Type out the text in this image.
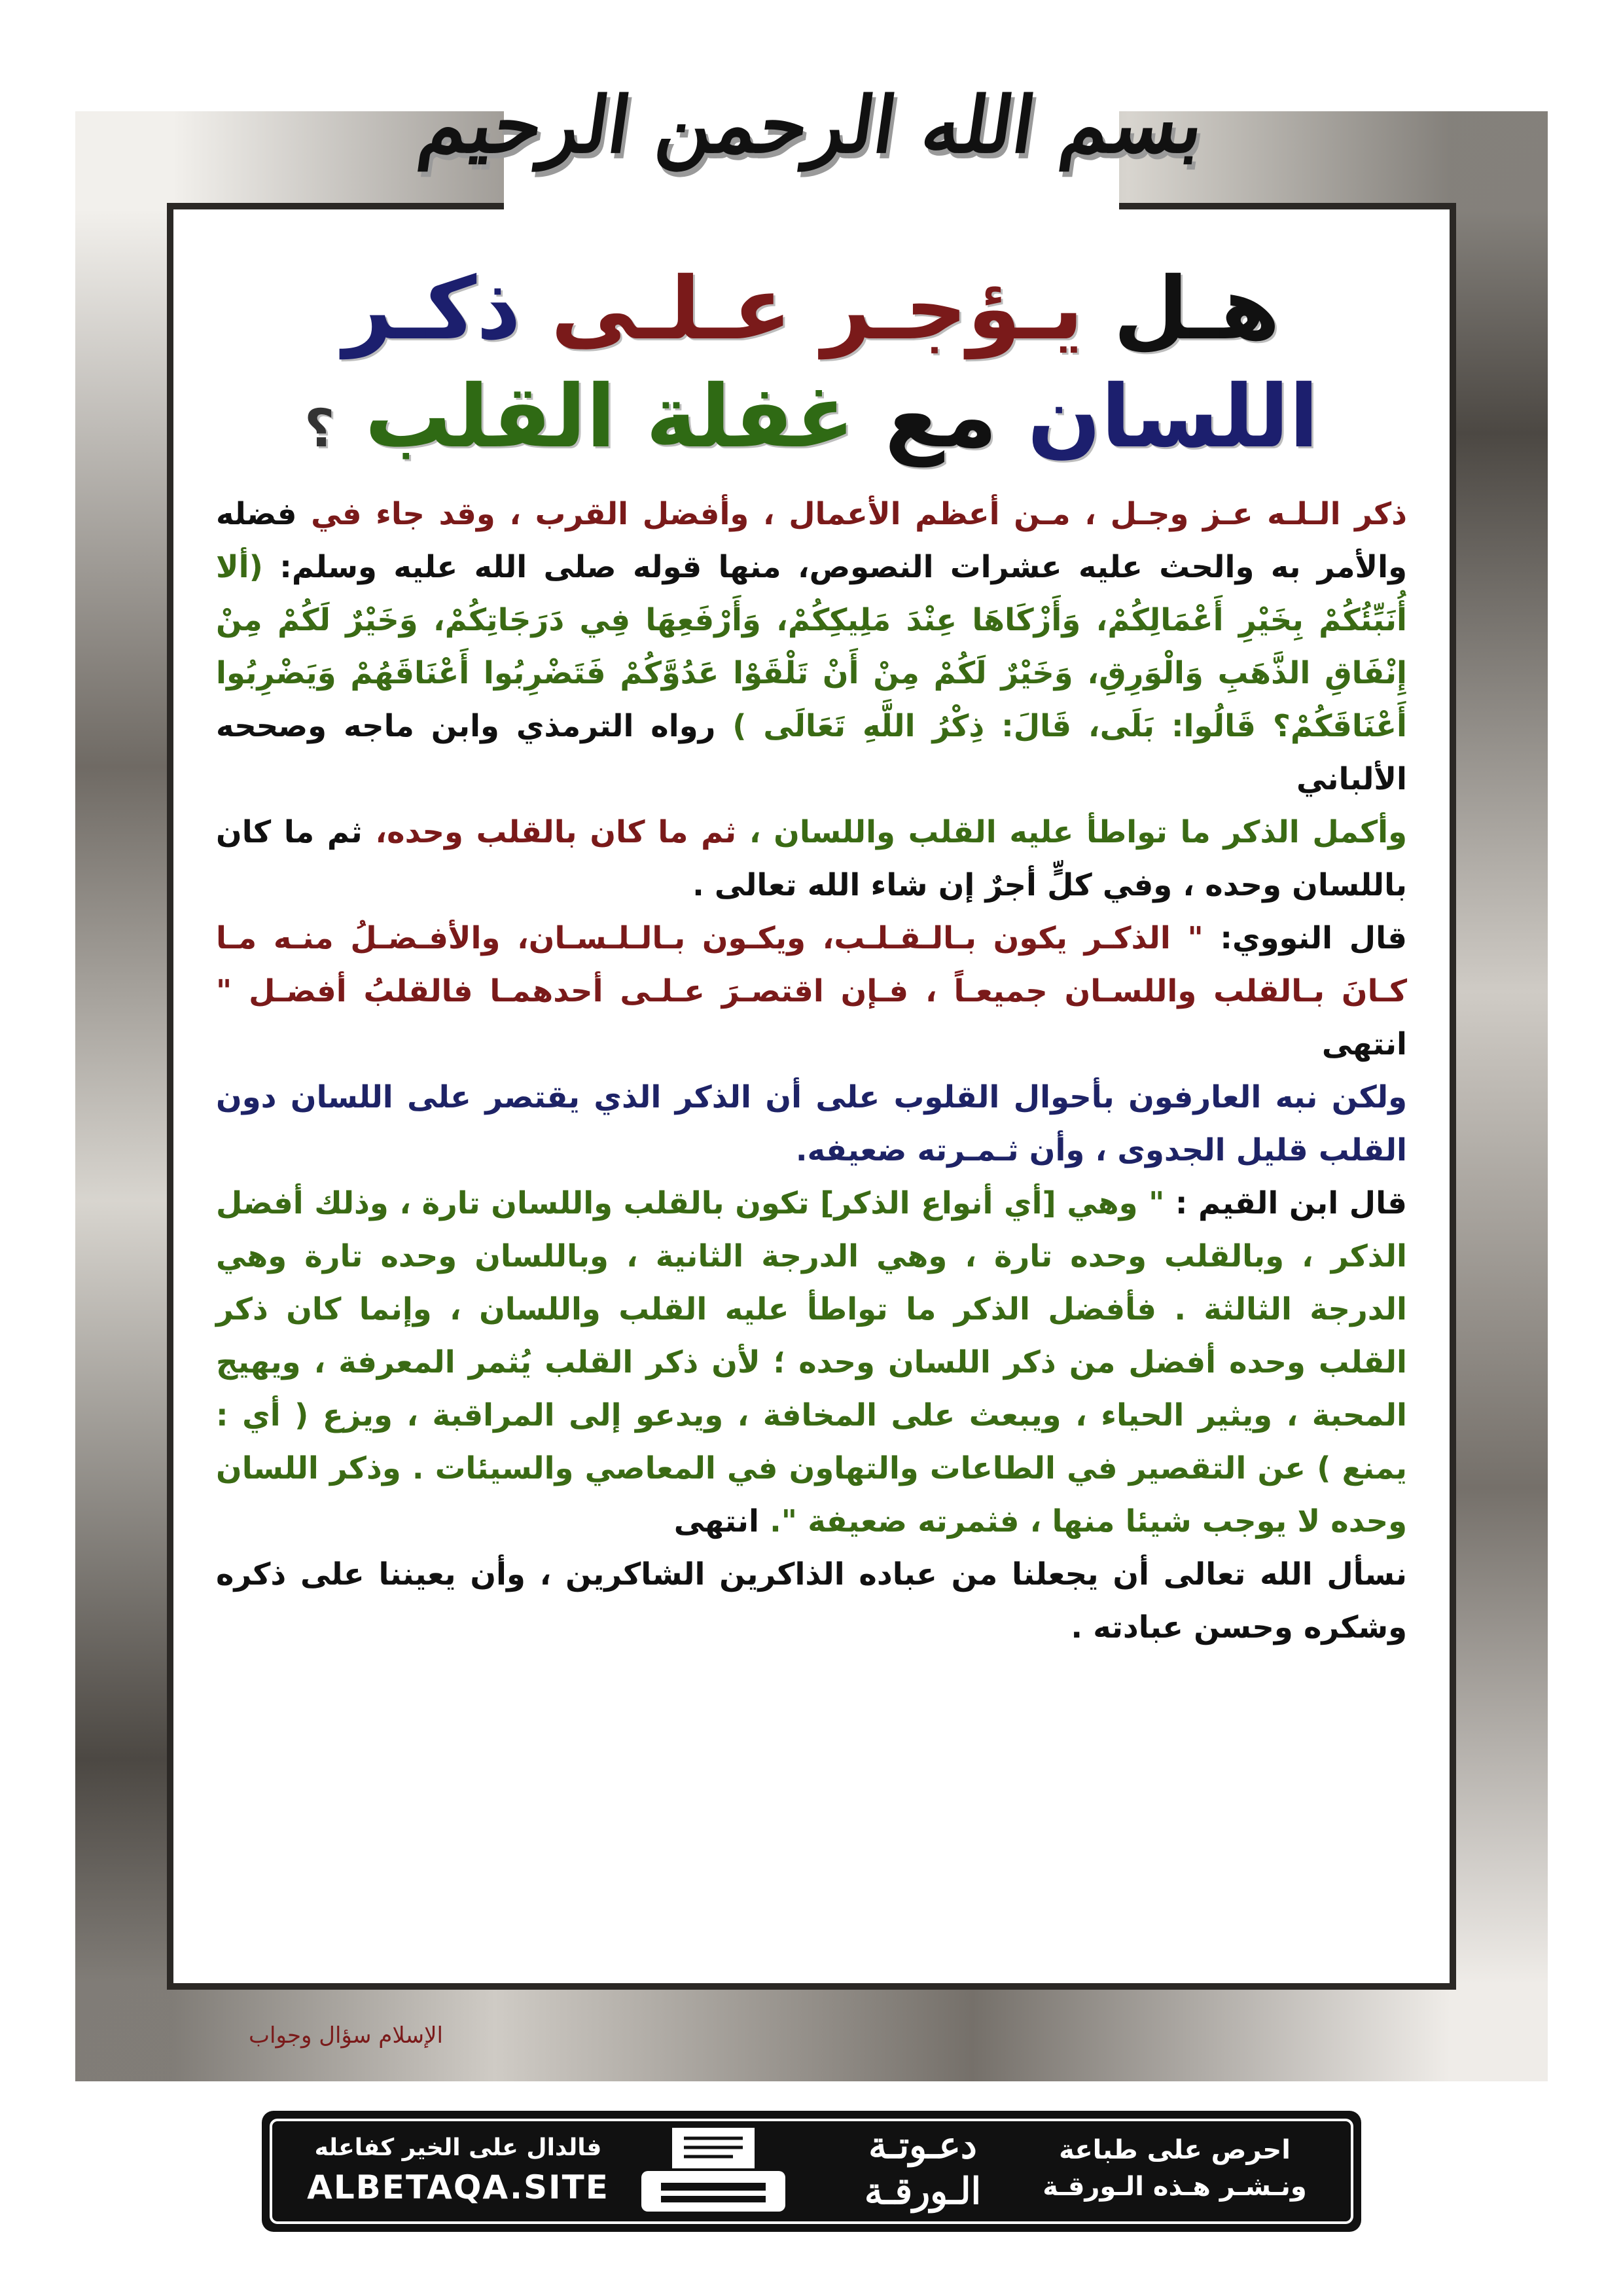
بسم الله الرحمن الرحيم
هـل يـؤجـر عـلـى ذكـر
اللسان مع غفلة القلب ؟

ذكر الـلـه عـز وجـل ، مـن أعظم الأعمال ، وأفضل القرب ، وقد جاء في فضله والأمر به والحث عليه عشرات النصوص، منها قوله صلى الله عليه وسلم: (ألا أُنَبِّئُكُمْ بِخَيْرِ أَعْمَالِكُمْ، وَأَزْكَاهَا عِنْدَ مَلِيكِكُمْ، وَأَرْفَعِهَا فِي دَرَجَاتِكُمْ، وَخَيْرٌ لَكُمْ مِنْ إِنْفَاقِ الذَّهَبِ وَالْوَرِقِ، وَخَيْرٌ لَكُمْ مِنْ أَنْ تَلْقَوْا عَدُوَّكُمْ فَتَضْرِبُوا أَعْنَاقَهُمْ وَيَضْرِبُوا أَعْنَاقَكُمْ؟ قَالُوا: بَلَى، قَالَ: ذِكْرُ اللَّهِ تَعَالَى ) رواه الترمذي وابن ماجه وصححه الألباني

وأكمل الذكر ما تواطأ عليه القلب واللسان ، ثم ما كان بالقلب وحده، ثم ما كان باللسان وحده ، وفي كلٍّ أجرٌ إن شاء الله تعالى .

قال النووي: " الذكـر يكون بـالـقـلـب، ويكـون بـالـلـسـان، والأفـضـلُ منـه مـا كـانَ بـالقلب واللسـان جميعـاً ، فـإن اقتصـرَ عـلـى أحدهمـا فالقلبُ أفضـل " انتهى

ولكن نبه العارفون بأحوال القلوب على أن الذكر الذي يقتصر على اللسان دون القلب قليل الجدوى ، وأن ثـمـرته ضعيفه.

قال ابن القيم : " وهي [أي أنواع الذكر] تكون بالقلب واللسان تارة ، وذلك أفضل الذكر ، وبالقلب وحده تارة ، وهي الدرجة الثانية ، وباللسان وحده تارة وهي الدرجة الثالثة . فأفضل الذكر ما تواطأ عليه القلب واللسان ، وإنما كان ذكر القلب وحده أفضل من ذكر اللسان وحده ؛ لأن ذكر القلب يُثمر المعرفة ، ويهيج المحبة ، ويثير الحياء ، ويبعث على المخافة ، ويدعو إلى المراقبة ، ويزع ( أي : يمنع ) عن التقصير في الطاعات والتهاون في المعاصي والسيئات . وذكر اللسان وحده لا يوجب شيئا منها ، فثمرته ضعيفة ". انتهى

نسأل الله تعالى أن يجعلنا من عباده الذاكرين الشاكرين ، وأن يعيننا على ذكره وشكره وحسن عبادته .

الإسلام سؤال وجواب
احرص على طباعة
ونـشـر هـذه الـورقـة
دعـوتـة
الـورقـة
فالدال على الخير كفاعله
ALBETAQA.SITE
